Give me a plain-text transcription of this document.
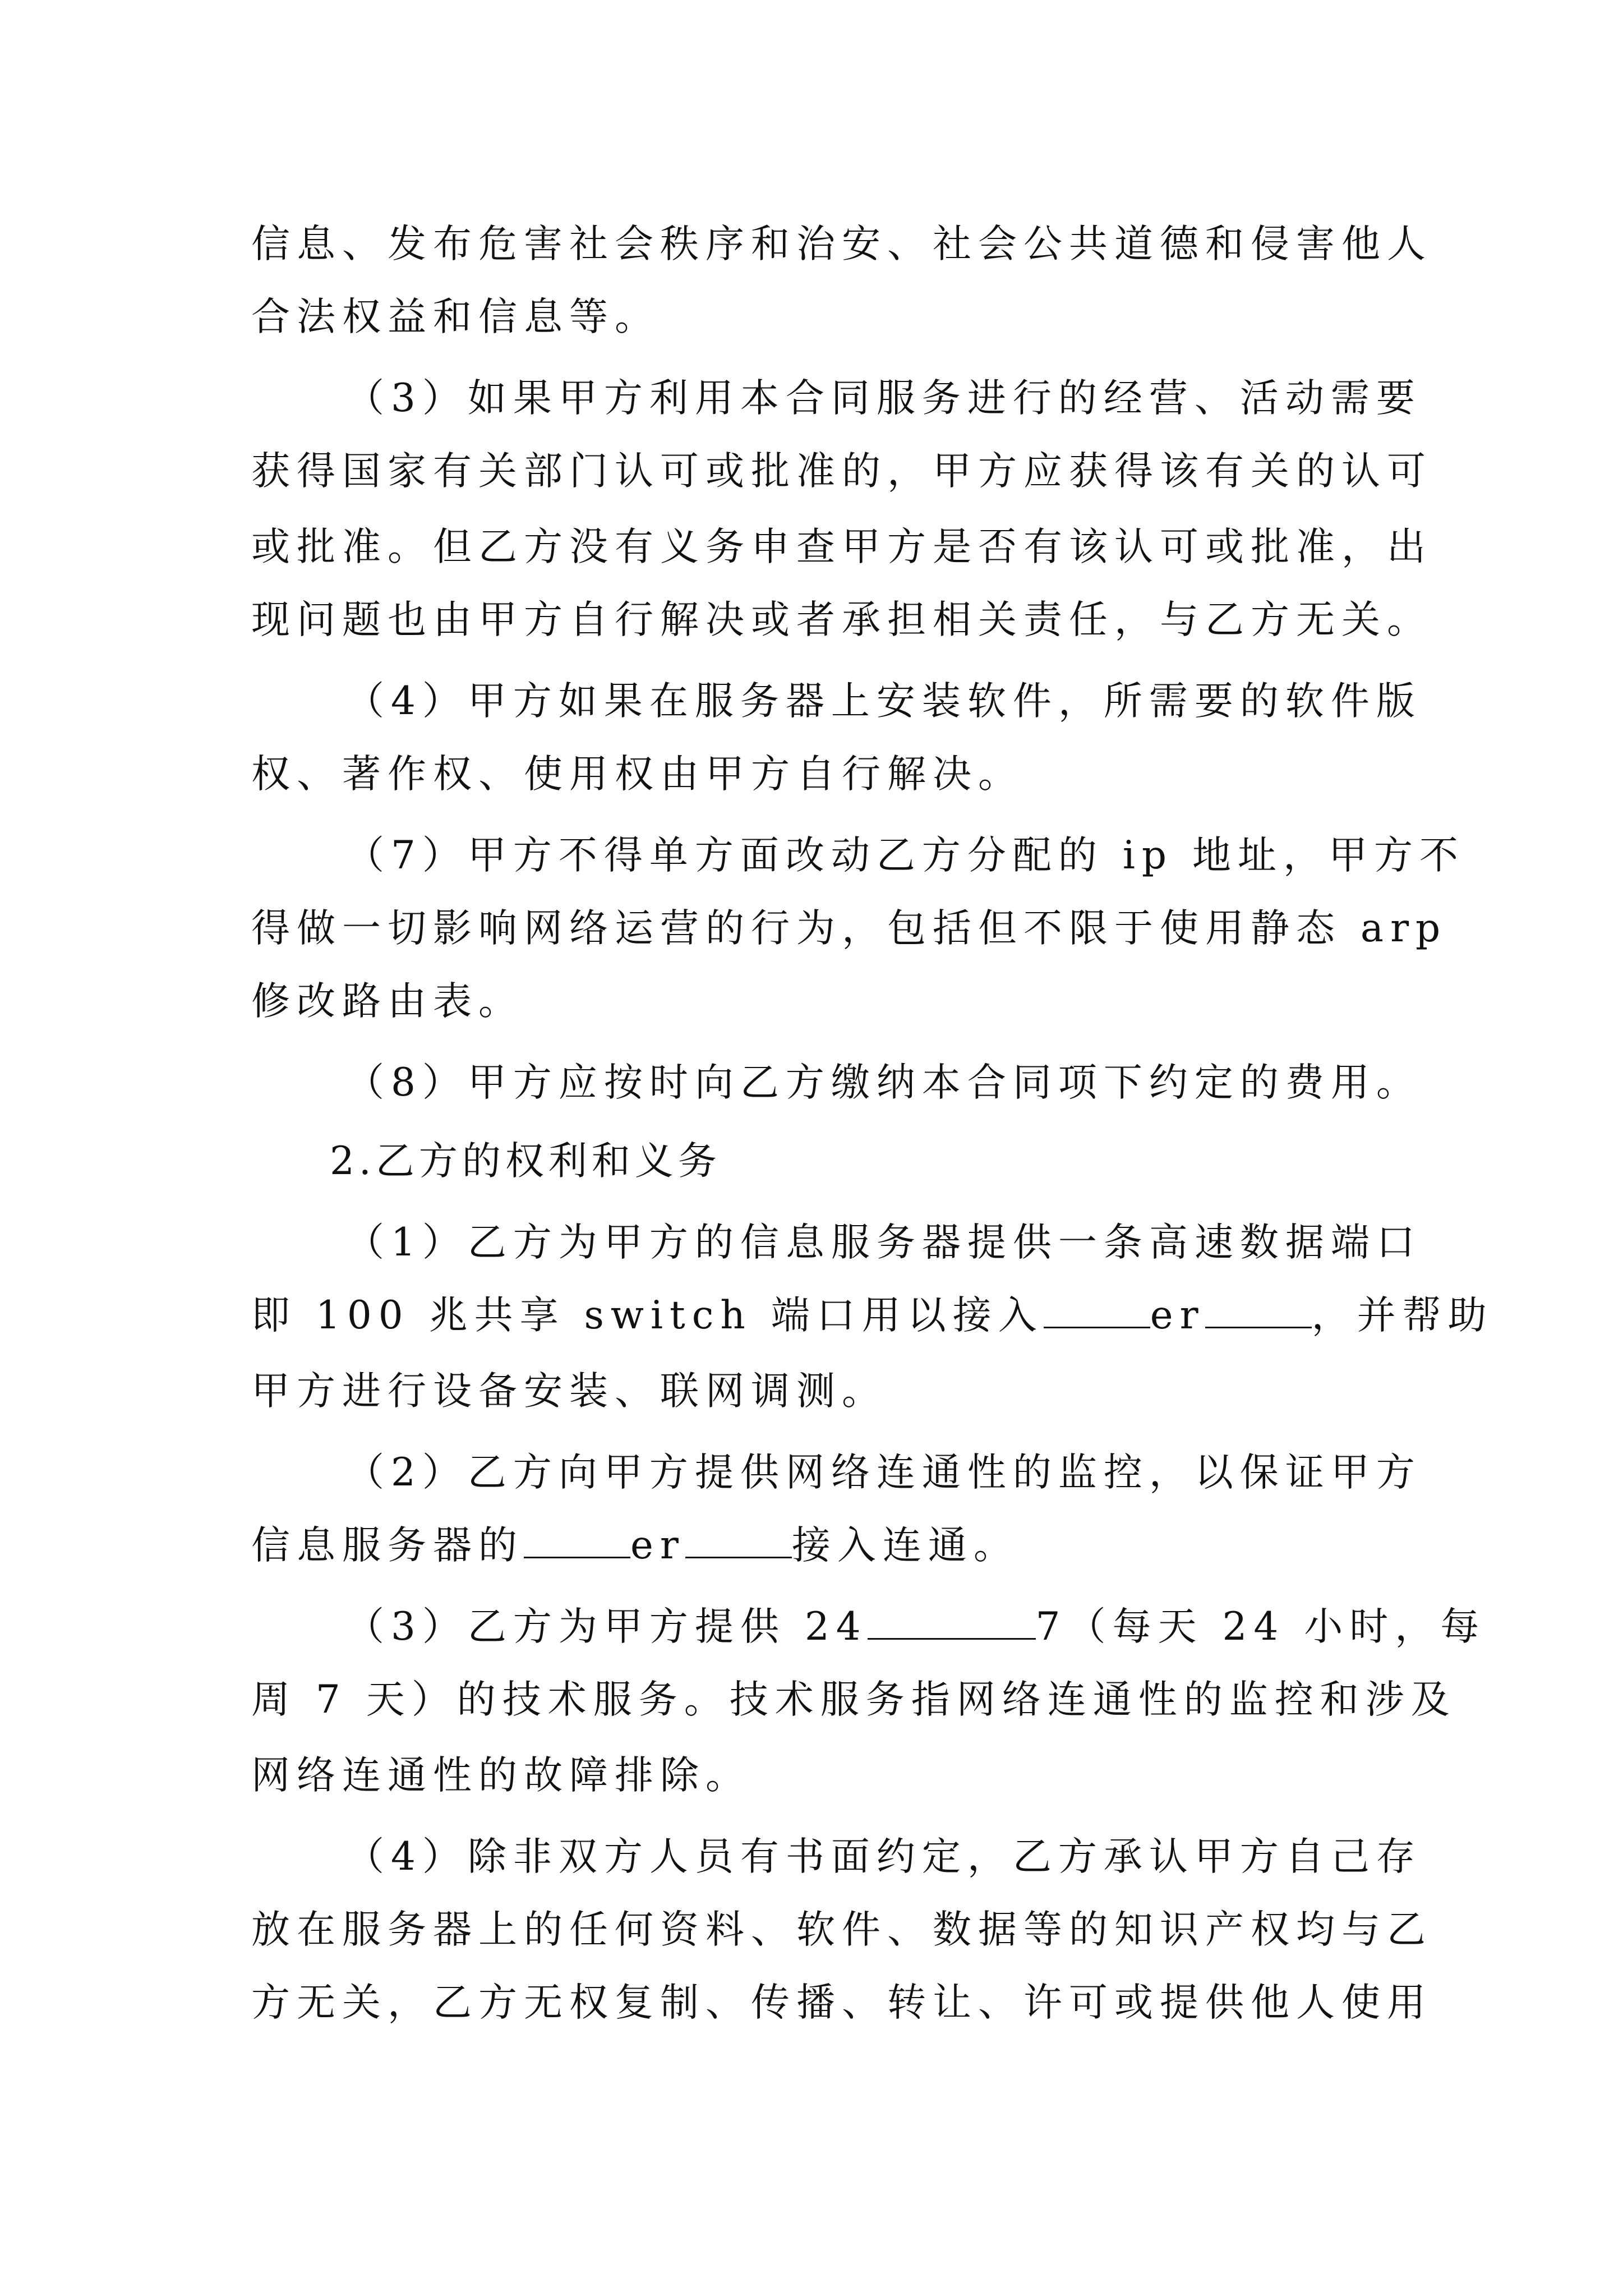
信息、发布危害社会秩序和治安、社会公共道德和侵害他人
合法权益和信息等。
（3）如果甲方利用本合同服务进行的经营、活动需要
获得国家有关部门认可或批准的，甲方应获得该有关的认可
或批准。但乙方没有义务申查甲方是否有该认可或批准，出
现问题也由甲方自行解决或者承担相关责任，与乙方无关。
（4）甲方如果在服务器上安装软件，所需要的软件版
权、著作权、使用权由甲方自行解决。
（7）甲方不得单方面改动乙方分配的 ip 地址，甲方不
得做一切影响网络运营的行为，包括但不限于使用静态 arp
修改路由表。
（8）甲方应按时向乙方缴纳本合同项下约定的费用。
2.乙方的权利和义务
（1）乙方为甲方的信息服务器提供一条高速数据端口
即 100 兆共享 switch 端口用以接入	er	，并帮助
甲方进行设备安装、联网调测。
（2）乙方向甲方提供网络连通性的监控，以保证甲方
信息服务器的	er	接入连通。
（3）乙方为甲方提供 24	7（每天 24 小时，每
周 7 天）的技术服务。技术服务指网络连通性的监控和涉及
网络连通性的故障排除。
（4）除非双方人员有书面约定，乙方承认甲方自己存
放在服务器上的任何资料、软件、数据等的知识产权均与乙
方无关，乙方无权复制、传播、转让、许可或提供他人使用
